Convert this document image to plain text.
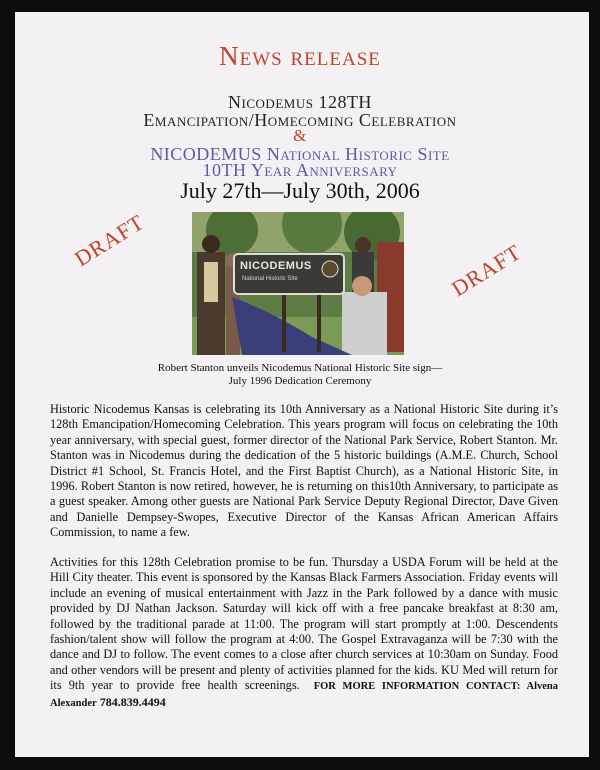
News release
Nicodemus 128TH
Emancipation/Homecoming Celebration
&
NICODEMUS National Historic Site
10TH Year Anniversary
July 27th—July 30th, 2006
DRAFT	DRAFT
NICODEMUS
National Historic Site
Robert Stanton unveils Nicodemus National Historic Site sign—
July 1996 Dedication Ceremony

Historic Nicodemus Kansas is celebrating its 10th Anniversary as a National Historic Site during it’s 128th Emancipation/Homecoming Celebration. This years program will focus on celebrating the 10th year anniversary, with special guest, former director of the National Park Service, Robert Stanton. Mr. Stanton was in Nicodemus during the dedication of the 5 historic buildings (A.M.E. Church, School District #1 School, St. Francis Hotel, and the First Baptist Church), as a National Historic Site, in 1996. Robert Stanton is now retired, however, he is returning on this10th Anniversary, to participate as a guest speaker. Among other guests are National Park Service Deputy Regional Director, Dave Given and Danielle Dempsey-Swopes, Executive Director of the Kansas African American Affairs Commission, to name a few.

Activities for this 128th Celebration promise to be fun. Thursday a USDA Forum will be held at the Hill City theater. This event is sponsored by the Kansas Black Farmers Association. Friday events will include an evening of musical entertainment with Jazz in the Park followed by a dance with music provided by DJ Nathan Jackson. Saturday will kick off with a free pancake breakfast at 8:30 am, followed by the traditional parade at 11:00. The program will start promptly at 1:00. Descendents fashion/talent show will follow the program at 4:00. The Gospel Extravaganza will be 7:30 with the dance and DJ to follow. The event comes to a close after church services at 10:30am on Sunday. Food and other vendors will be present and plenty of activities planned for the kids. KU Med will return for its 9th year to provide free health screenings. FOR MORE INFORMATION CONTACT: Alvena Alexander 784.839.4494
